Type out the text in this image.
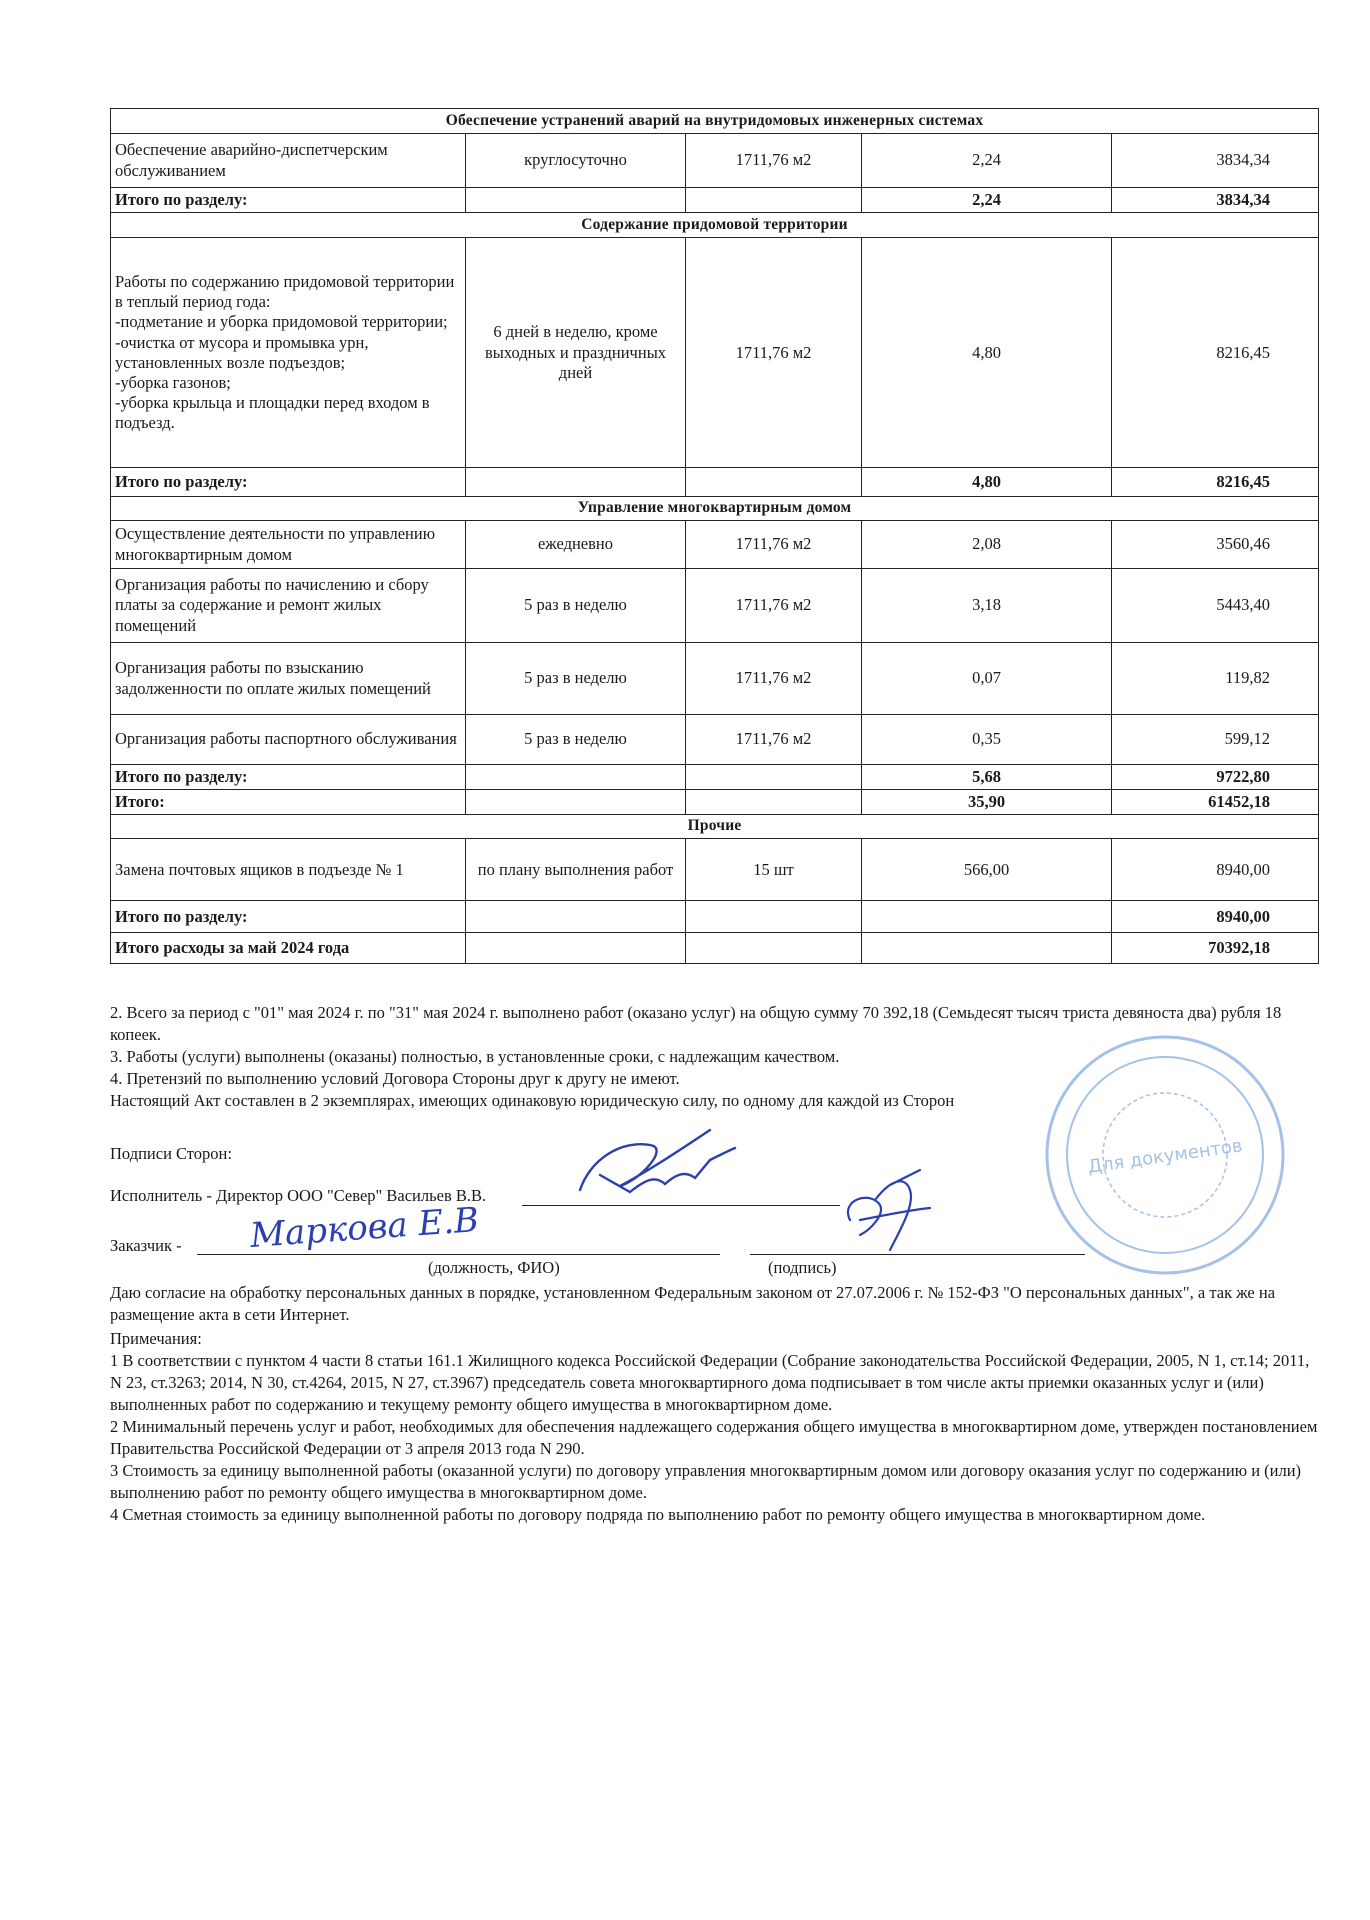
Обеспечение устранений аварий на внутридомовых инженерных системах				
Обеспечение аварийно-диспетчерским обслуживанием	круглосуточно	1711,76 м2	2,24	3834,34
Итого по разделу:			2,24	3834,34
Содержание придомовой территории				
Работы по содержанию придомовой территории в теплый период года:
-подметание и уборка придомовой территории;
-очистка от мусора и промывка урн, установленных возле подъездов;
-уборка газонов;
-уборка крыльца и площадки перед входом в подъезд.	6 дней в неделю, кроме выходных и праздничных дней	1711,76 м2	4,80	8216,45
Итого по разделу:			4,80	8216,45
Управление многоквартирным домом				
Осуществление деятельности по управлению многоквартирным домом	ежедневно	1711,76 м2	2,08	3560,46
Организация работы по начислению и сбору платы за содержание и ремонт жилых помещений	5 раз в неделю	1711,76 м2	3,18	5443,40
Организация работы по взысканию задолженности по оплате жилых помещений	5 раз в неделю	1711,76 м2	0,07	119,82
Организация работы паспортного обслуживания	5 раз в неделю	1711,76 м2	0,35	599,12
Итого по разделу:			5,68	9722,80
Итого:			35,90	61452,18
Прочие				
Замена почтовых ящиков в подъезде № 1	по плану выполнения работ	15 шт	566,00	8940,00
Итого по разделу:				8940,00
Итого расходы за май 2024 года				70392,18

2. Всего за период с "01" мая 2024 г. по "31" мая 2024 г. выполнено работ (оказано услуг) на общую сумму 70 392,18 (Семьдесят тысяч триста девяноста два) рубля 18 копеек.

3. Работы (услуги) выполнены (оказаны) полностью, в установленные сроки, с надлежащим качеством.

4. Претензий по выполнению условий Договора Стороны друг к другу не имеют.

Настоящий Акт составлен в 2 экземплярах, имеющих одинаковую юридическую силу, по одному для каждой из Сторон

Подписи Сторон:
Исполнитель - Директор ООО "Север" Васильев В.В.
Заказчик -
(должность, ФИО)	(подпись)
Маркова Е.В
Для документов
Даю согласие на обработку персональных данных в порядке, установленном Федеральным законом от 27.07.2006 г. № 152-ФЗ "О персональных данных", а так же на размещение акта в сети Интернет.

Примечания:

1 В соответствии с пунктом 4 части 8 статьи 161.1 Жилищного кодекса Российской Федерации (Собрание законодательства Российской Федерации, 2005, N 1, ст.14; 2011, N 23, ст.3263; 2014, N 30, ст.4264, 2015, N 27, ст.3967) председатель совета многоквартирного дома подписывает в том числе акты приемки оказанных услуг и (или) выполненных работ по содержанию и текущему ремонту общего имущества в многоквартирном доме.

2 Минимальный перечень услуг и работ, необходимых для обеспечения надлежащего содержания общего имущества в многоквартирном доме, утвержден постановлением Правительства Российской Федерации от 3 апреля 2013 года N 290.

3 Стоимость за единицу выполненной работы (оказанной услуги) по договору управления многоквартирным домом или договору оказания услуг по содержанию и (или) выполнению работ по ремонту общего имущества в многоквартирном доме.

4 Сметная стоимость за единицу выполненной работы по договору подряда по выполнению работ по ремонту общего имущества в многоквартирном доме.
